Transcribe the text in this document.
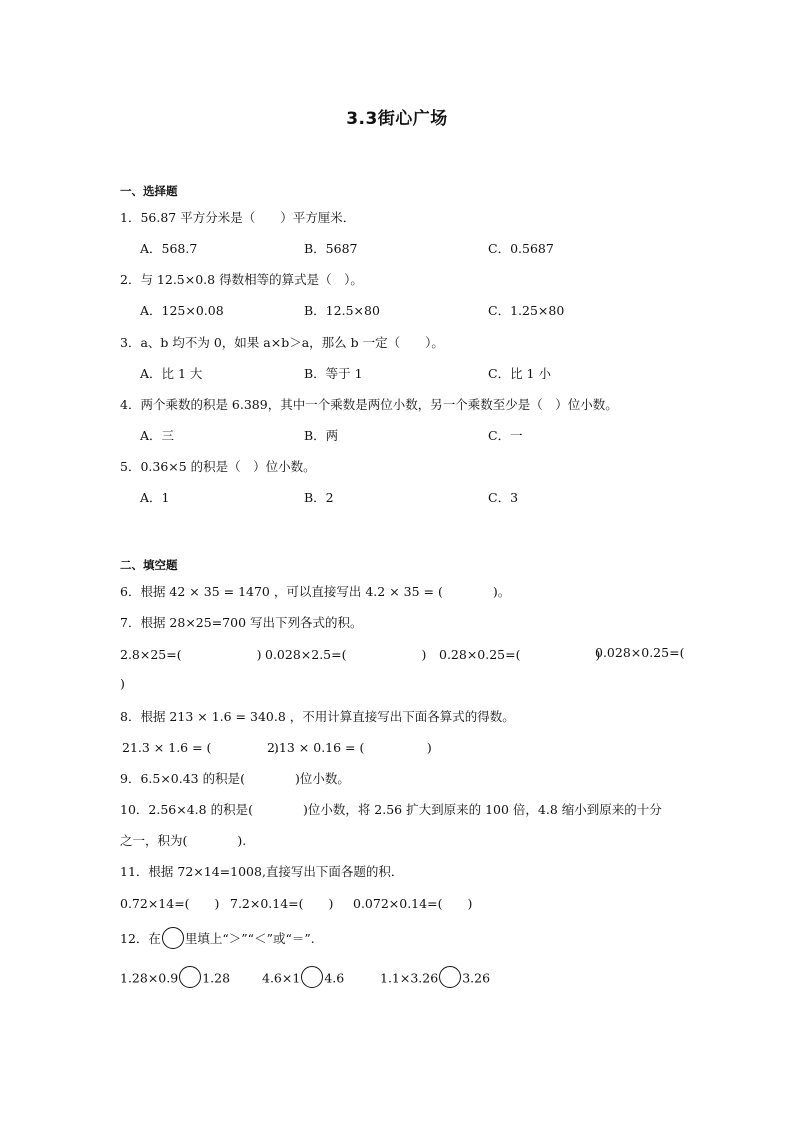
3.3街心广场
一、选择题
1．56.87 平方分米是（　　）平方厘米．
A．568.7	B．5687	C．0.5687
2．与 12.5×0.8 得数相等的算式是（　）。
A．125×0.08	B．12.5×80	C．1.25×80
3．a、b 均不为 0，如果 a×b＞a，那么 b 一定（　　）。
A．比 1 大	B．等于 1	C．比 1 小
4．两个乘数的积是 6.389，其中一个乘数是两位小数，另一个乘数至少是（　）位小数。
A．三	B．两	C．一
5．0.36×5 的积是（　）位小数。
A．1	B．2	C．3
二、填空题
6．根据 42 × 35 = 1470 ，可以直接写出 4.2 × 35 = (　　　　)。
7．根据 28×25=700 写出下列各式的积。
2.8×25=(　　　　　　) 0.028×2.5=(　　　　　　) 0.28×0.25=(　　　　　　)
0.028×0.25=(
)
8．根据 213 × 1.6 = 340.8 ，不用计算直接写出下面各算式的得数。
21.3 × 1.6 = (　　　　　)
2.13 × 0.16 = (　　　　　)
9．6.5×0.43 的积是(　　　　)位小数。
10．2.56×4.8 的积是(　　　　)位小数，将 2.56 扩大到原来的 100 倍，4.8 缩小到原来的十分
之一，积为(　　　　).
11．根据 72×14=1008,直接写出下面各题的积．
0.72×14=(　　) 7.2×0.14=(　　) 0.072×0.14=(　　)
12．在 里填上“＞”“＜”或“＝”.
1.28×0.9 1.28	4.6×1 4.6	1.1×3.26 3.26
